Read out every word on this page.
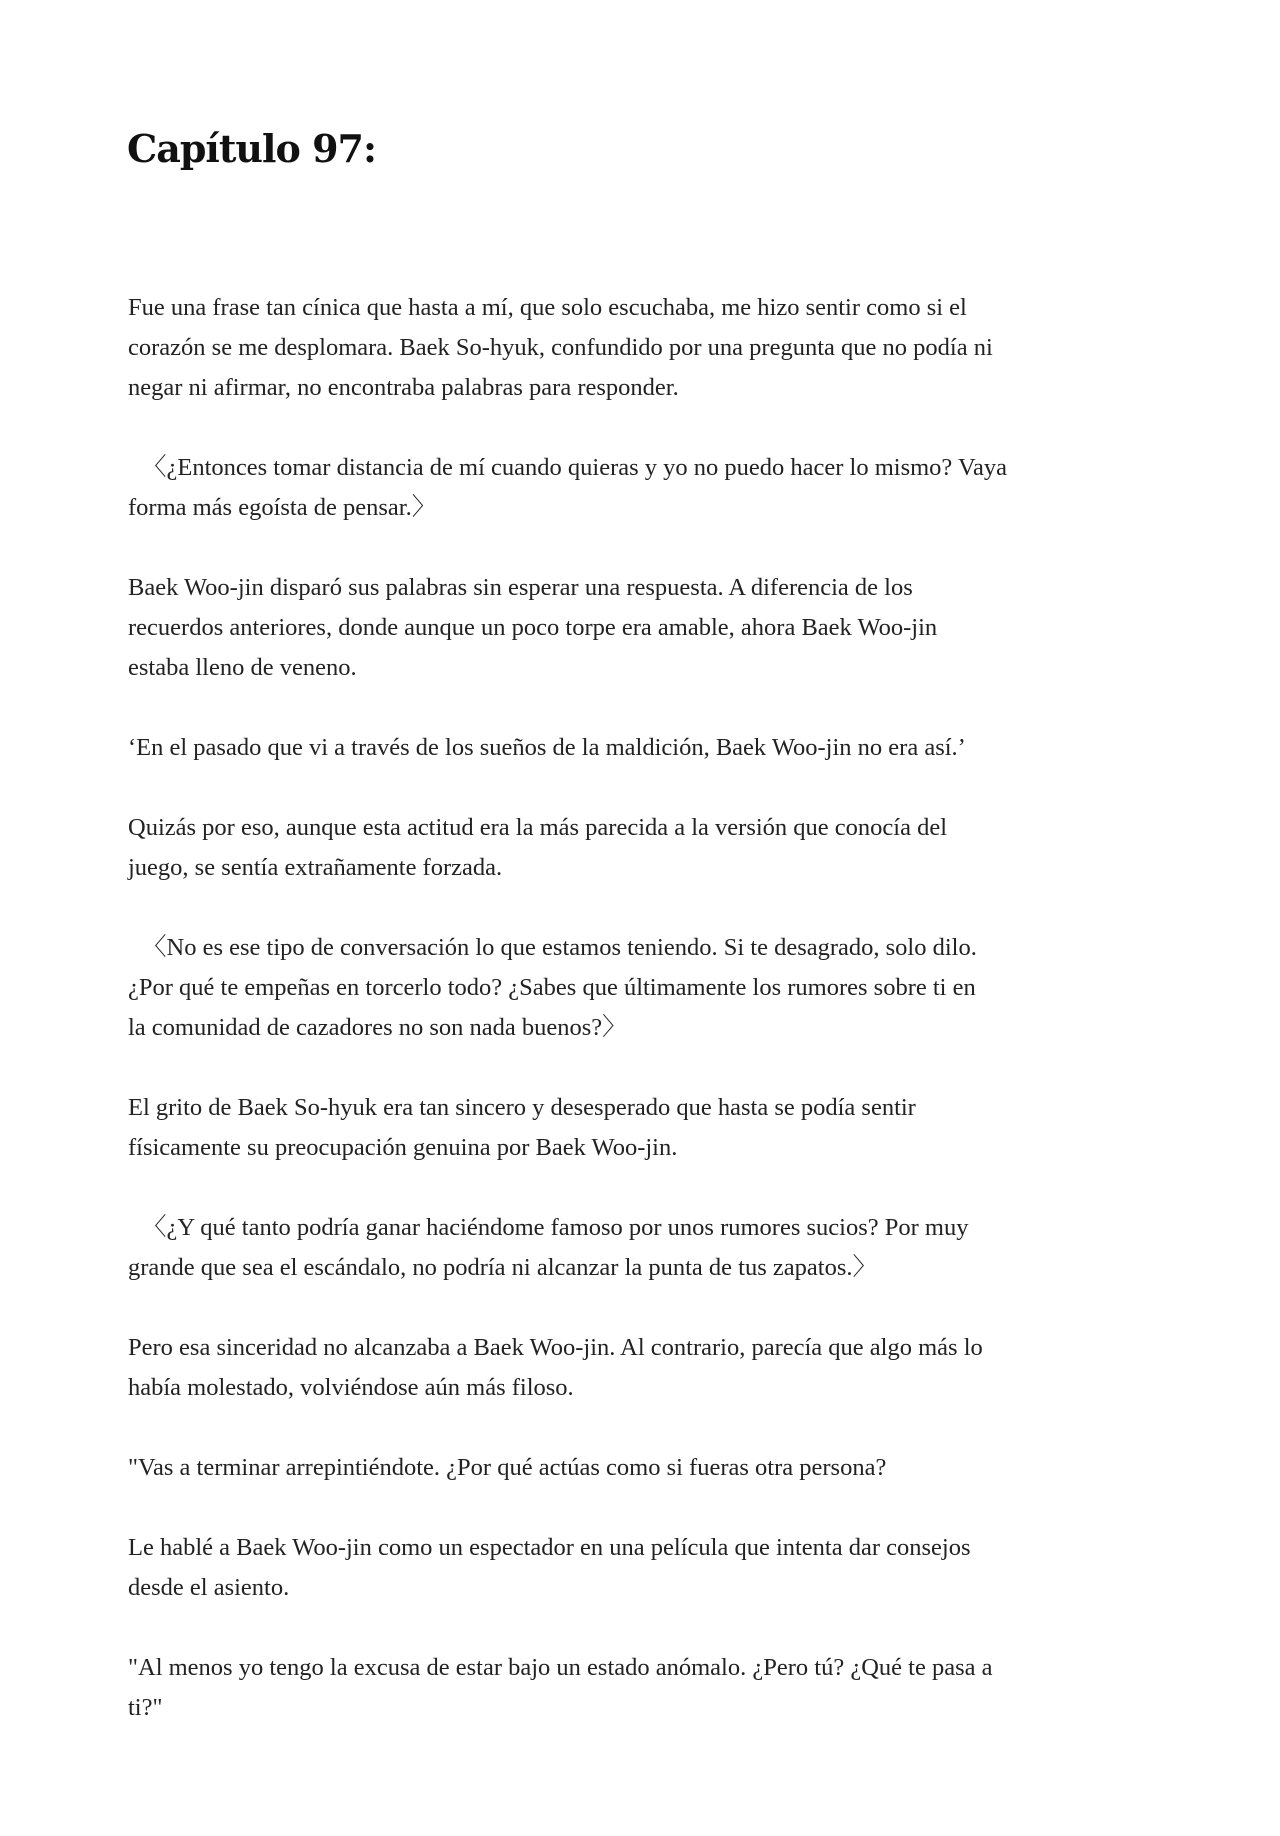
Capítulo 97:

Fue una frase tan cínica que hasta a mí, que solo escuchaba, me hizo sentir como si el
corazón se me desplomara. Baek So-hyuk, confundido por una pregunta que no podía ni
negar ni afirmar, no encontraba palabras para responder.

〈¿Entonces tomar distancia de mí cuando quieras y yo no puedo hacer lo mismo? Vaya
forma más egoísta de pensar.〉

Baek Woo-jin disparó sus palabras sin esperar una respuesta. A diferencia de los
recuerdos anteriores, donde aunque un poco torpe era amable, ahora Baek Woo-jin
estaba lleno de veneno.

‘En el pasado que vi a través de los sueños de la maldición, Baek Woo-jin no era así.’

Quizás por eso, aunque esta actitud era la más parecida a la versión que conocía del
juego, se sentía extrañamente forzada.

〈No es ese tipo de conversación lo que estamos teniendo. Si te desagrado, solo dilo.
¿Por qué te empeñas en torcerlo todo? ¿Sabes que últimamente los rumores sobre ti en
la comunidad de cazadores no son nada buenos?〉

El grito de Baek So-hyuk era tan sincero y desesperado que hasta se podía sentir
físicamente su preocupación genuina por Baek Woo-jin.

〈¿Y qué tanto podría ganar haciéndome famoso por unos rumores sucios? Por muy
grande que sea el escándalo, no podría ni alcanzar la punta de tus zapatos.〉

Pero esa sinceridad no alcanzaba a Baek Woo-jin. Al contrario, parecía que algo más lo
había molestado, volviéndose aún más filoso.

"Vas a terminar arrepintiéndote. ¿Por qué actúas como si fueras otra persona?

Le hablé a Baek Woo-jin como un espectador en una película que intenta dar consejos
desde el asiento.

"Al menos yo tengo la excusa de estar bajo un estado anómalo. ¿Pero tú? ¿Qué te pasa a
ti?"
